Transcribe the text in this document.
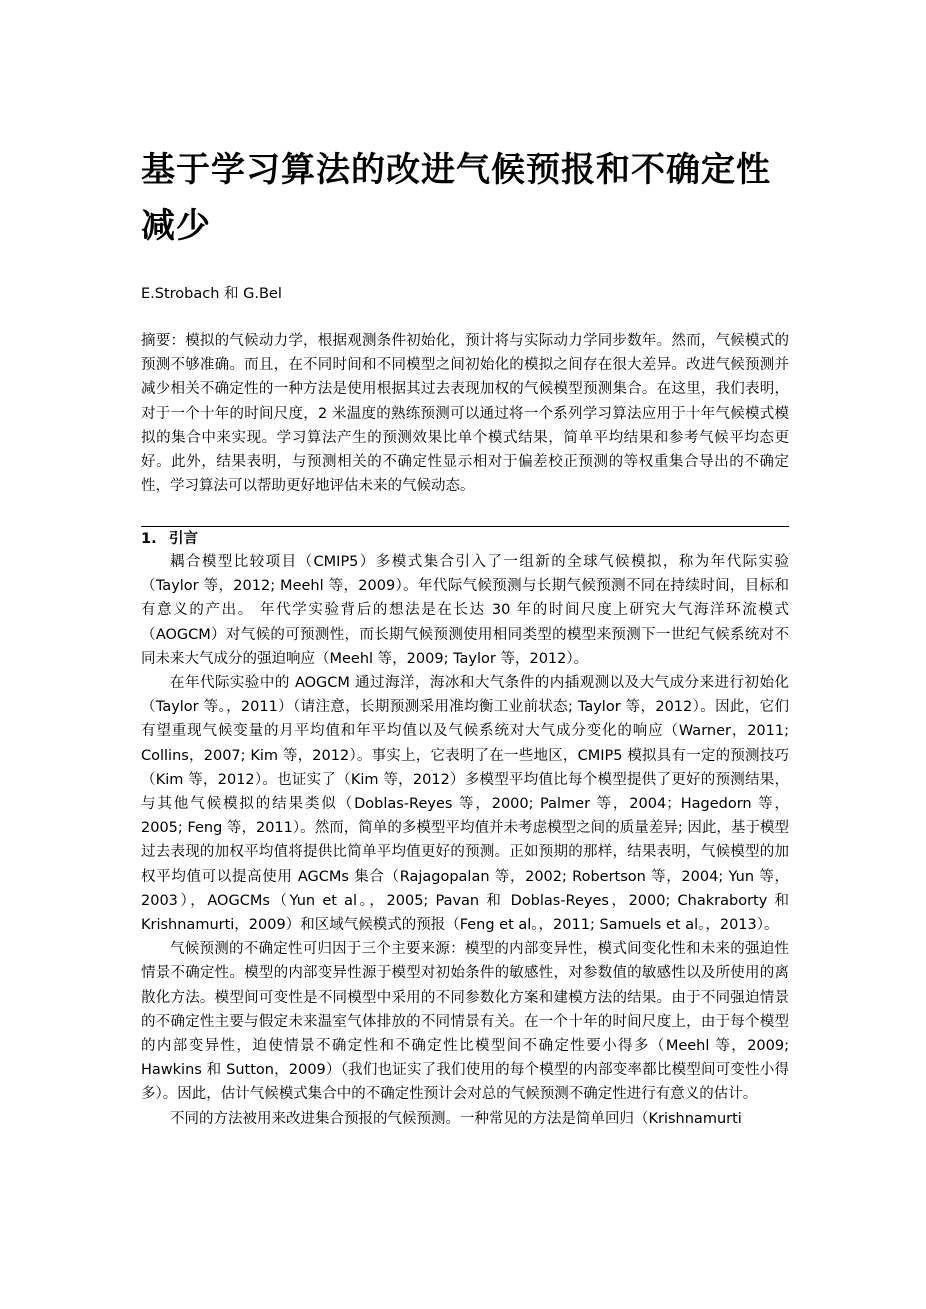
基于学习算法的改进气候预报和不确定性减少
E.Strobach 和 G.Bel
摘要：模拟的气候动力学，根据观测条件初始化，预计将与实际动力学同步数年。然而，气候模式的预测不够准确。而且，在不同时间和不同模型之间初始化的模拟之间存在很大差异。改进气候预测并减少相关不确定性的一种方法是使用根据其过去表现加权的气候模型预测集合。在这里，我们表明，对于一个十年的时间尺度，2 米温度的熟练预测可以通过将一个系列学习算法应用于十年气候模式模拟的集合中来实现。学习算法产生的预测效果比单个模式结果，简单平均结果和参考气候平均态更好。此外，结果表明，与预测相关的不确定性显示相对于偏差校正预测的等权重集合导出的不确定性，学习算法可以帮助更好地评估未来的气候动态。
1. 引言

耦合模型比较项目（CMIP5）多模式集合引入了一组新的全球气候模拟，称为年代际实验（Taylor 等，2012; Meehl 等，2009）。年代际气候预测与长期气候预测不同在持续时间，目标和有意义的产出。 年代学实验背后的想法是在长达 30 年的时间尺度上研究大气海洋环流模式（AOGCM）对气候的可预测性，而长期气候预测使用相同类型的模型来预测下一世纪气候系统对不同未来大气成分的强迫响应（Meehl 等，2009; Taylor 等，2012）。

在年代际实验中的 AOGCM 通过海洋，海冰和大气条件的内插观测以及大气成分来进行初始化（Taylor 等。，2011）（请注意，长期预测采用准均衡工业前状态; Taylor 等，2012）。因此，它们有望重现气候变量的月平均值和年平均值以及气候系统对大气成分变化的响应（Warner，2011; Collins，2007; Kim 等，2012）。事实上，它表明了在一些地区，CMIP5 模拟具有一定的预测技巧（Kim 等，2012）。也证实了（Kim 等，2012）多模型平均值比每个模型提供了更好的预测结果，与其他气候模拟的结果类似（Doblas-Reyes 等，2000; Palmer 等，2004；Hagedorn 等，2005; Feng 等，2011）。然而，简单的多模型平均值并未考虑模型之间的质量差异; 因此，基于模型过去表现的加权平均值将提供比简单平均值更好的预测。正如预期的那样，结果表明，气候模型的加权平均值可以提高使用 AGCMs 集合（Rajagopalan 等，2002; Robertson 等，2004; Yun 等，2003），AOGCMs（Yun et al。，2005; Pavan 和 Doblas-Reyes，2000; Chakraborty 和 Krishnamurti，2009）和区域气候模式的预报（Feng et al。，2011; Samuels et al。，2013）。

气候预测的不确定性可归因于三个主要来源：模型的内部变异性，模式间变化性和未来的强迫性情景不确定性。模型的内部变异性源于模型对初始条件的敏感性，对参数值的敏感性以及所使用的离散化方法。模型间可变性是不同模型中采用的不同参数化方案和建模方法的结果。由于不同强迫情景的不确定性主要与假定未来温室气体排放的不同情景有关。在一个十年的时间尺度上，由于每个模型的内部变异性，迫使情景不确定性和不确定性比模型间不确定性要小得多（Meehl 等，2009; Hawkins 和 Sutton，2009）（我们也证实了我们使用的每个模型的内部变率都比模型间可变性小得多）。因此，估计气候模式集合中的不确定性预计会对总的气候预测不确定性进行有意义的估计。

不同的方法被用来改进集合预报的气候预测。一种常见的方法是简单回归（Krishnamurti
